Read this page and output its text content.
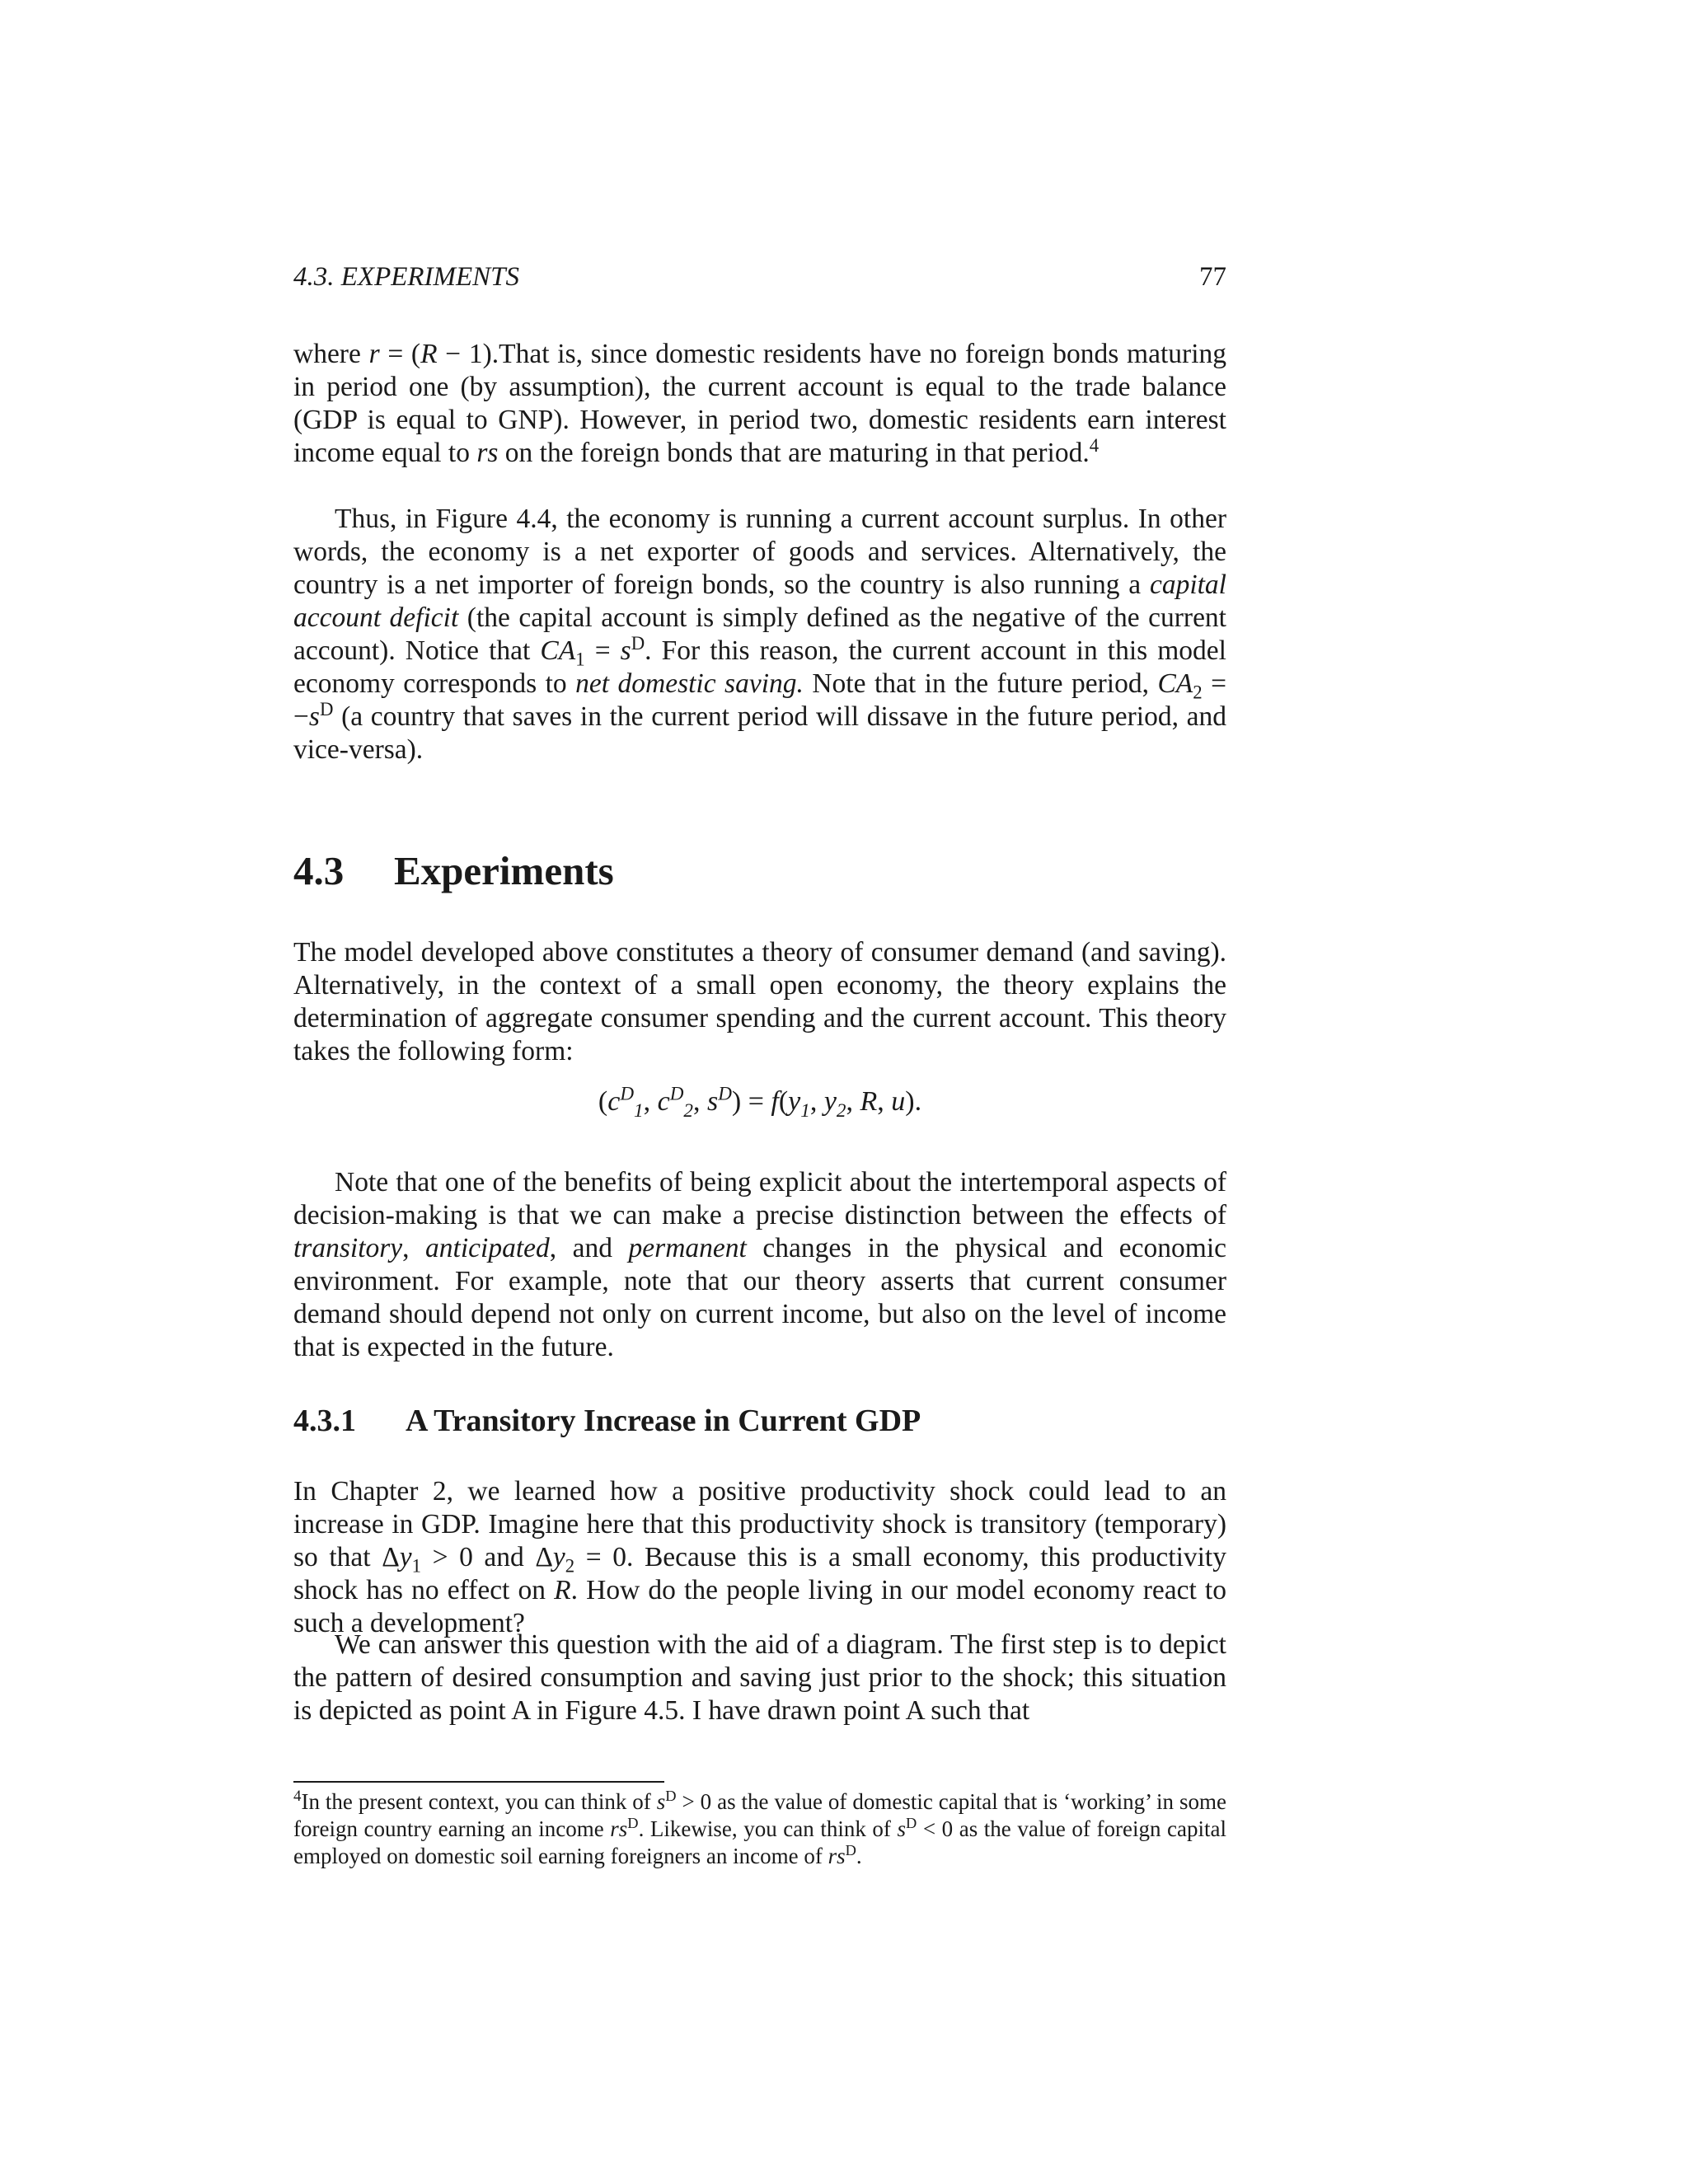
4.3. EXPERIMENTS	77

where r = (R − 1).That is, since domestic residents have no foreign bonds maturing in period one (by assumption), the current account is equal to the trade balance (GDP is equal to GNP). However, in period two, domestic residents earn interest income equal to rs on the foreign bonds that are maturing in that period.$^4$

Thus, in Figure 4.4, the economy is running a current account surplus. In other words, the economy is a net exporter of goods and services. Alternatively, the country is a net importer of foreign bonds, so the country is also running a capital account deficit (the capital account is simply defined as the negative of the current account). Notice that $CA_1 = s^D$. For this reason, the current account in this model economy corresponds to net domestic saving. Note that in the future period, $CA_2 = -s^D$ (a country that saves in the current period will dissave in the future period, and vice-versa).

4.3 Experiments

The model developed above constitutes a theory of consumer demand (and saving). Alternatively, in the context of a small open economy, the theory explains the determination of aggregate consumer spending and the current account. This theory takes the following form:

($c^D_1$, $c^D_2$, $s^D) = f(y_1$, $y_2$, R, u).

Note that one of the benefits of being explicit about the intertemporal aspects of decision-making is that we can make a precise distinction between the effects of transitory, anticipated, and permanent changes in the physical and economic environment. For example, note that our theory asserts that current consumer demand should depend not only on current income, but also on the level of income that is expected in the future.

4.3.1 A Transitory Increase in Current GDP

In Chapter 2, we learned how a positive productivity shock could lead to an increase in GDP. Imagine here that this productivity shock is transitory (temporary) so that $\Delta y_1 > 0$ and $\Delta y_2 = 0$. Because this is a small economy, this productivity shock has no effect on R. How do the people living in our model economy react to such a development?

We can answer this question with the aid of a diagram. The first step is to depict the pattern of desired consumption and saving just prior to the shock; this situation is depicted as point A in Figure 4.5. I have drawn point A such that

$^4$In the present context, you can think of $s^D > 0$ as the value of domestic capital that is ‘working’ in some foreign country earning an income $rs^D$. Likewise, you can think of $s^D < 0$ as the value of foreign capital employed on domestic soil earning foreigners an income of $rs^D$.
